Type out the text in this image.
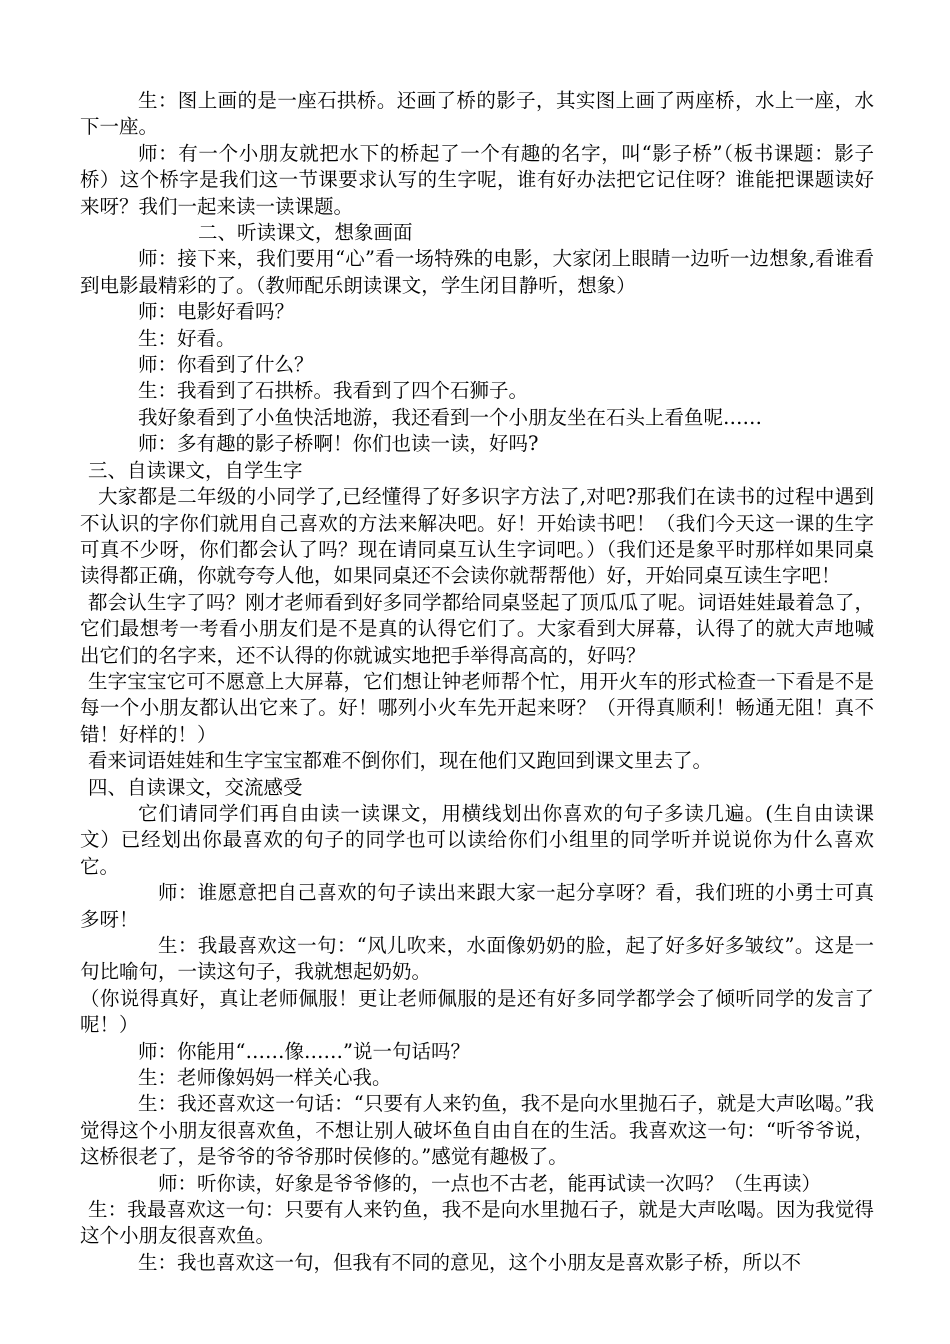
生：图上画的是一座石拱桥。还画了桥的影子，其实图上画了两座桥，水上一座，水下一座。

师：有一个小朋友就把水下的桥起了一个有趣的名字，叫“影子桥”（板书课题：影子桥）这个桥字是我们这一节课要求认写的生字呢，谁有好办法把它记住呀？谁能把课题读好来呀？我们一起来读一读课题。

二、听读课文，想象画面

师：接下来，我们要用“心”看一场特殊的电影，大家闭上眼睛一边听一边想象,看谁看到电影最精彩的了。（教师配乐朗读课文，学生闭目静听，想象）

师：电影好看吗？

生：好看。

师：你看到了什么？

生：我看到了石拱桥。我看到了四个石狮子。

我好象看到了小鱼快活地游，我还看到一个小朋友坐在石头上看鱼呢……

师：多有趣的影子桥啊！你们也读一读，好吗?

三、自读课文，自学生字

大家都是二年级的小同学了,已经懂得了好多识字方法了,对吧?那我们在读书的过程中遇到不认识的字你们就用自己喜欢的方法来解决吧。好！开始读书吧！（我们今天这一课的生字可真不少呀，你们都会认了吗？现在请同桌互认生字词吧。）（我们还是象平时那样如果同桌读得都正确，你就夸夸人他，如果同桌还不会读你就帮帮他）好，开始同桌互读生字吧！

都会认生字了吗？刚才老师看到好多同学都给同桌竖起了顶瓜瓜了呢。词语娃娃最着急了，它们最想考一考看小朋友们是不是真的认得它们了。大家看到大屏幕，认得了的就大声地喊出它们的名字来，还不认得的你就诚实地把手举得高高的，好吗？

生字宝宝它可不愿意上大屏幕，它们想让钟老师帮个忙，用开火车的形式检查一下看是不是每一个小朋友都认出它来了。好！哪列小火车先开起来呀？（开得真顺利！畅通无阻！真不错！好样的！）

看来词语娃娃和生字宝宝都难不倒你们，现在他们又跑回到课文里去了。

四、自读课文，交流感受

它们请同学们再自由读一读课文，用横线划出你喜欢的句子多读几遍。(生自由读课文）已经划出你最喜欢的句子的同学也可以读给你们小组里的同学听并说说你为什么喜欢它。

师：谁愿意把自己喜欢的句子读出来跟大家一起分享呀？看，我们班的小勇士可真多呀！

生：我最喜欢这一句：“风儿吹来，水面像奶奶的脸，起了好多好多皱纹”。这是一句比喻句，一读这句子，我就想起奶奶。

（你说得真好，真让老师佩服！更让老师佩服的是还有好多同学都学会了倾听同学的发言了呢！）

师：你能用“……像……”说一句话吗？

生：老师像妈妈一样关心我。

生：我还喜欢这一句话：“只要有人来钓鱼，我不是向水里抛石子，就是大声吆喝。”我觉得这个小朋友很喜欢鱼，不想让别人破坏鱼自由自在的生活。我喜欢这一句：“听爷爷说，这桥很老了，是爷爷的爷爷那时侯修的。”感觉有趣极了。

师：听你读，好象是爷爷修的，一点也不古老，能再试读一次吗？（生再读）

生：我最喜欢这一句：只要有人来钓鱼，我不是向水里抛石子，就是大声吆喝。因为我觉得这个小朋友很喜欢鱼。

生：我也喜欢这一句，但我有不同的意见，这个小朋友是喜欢影子桥，所以不
